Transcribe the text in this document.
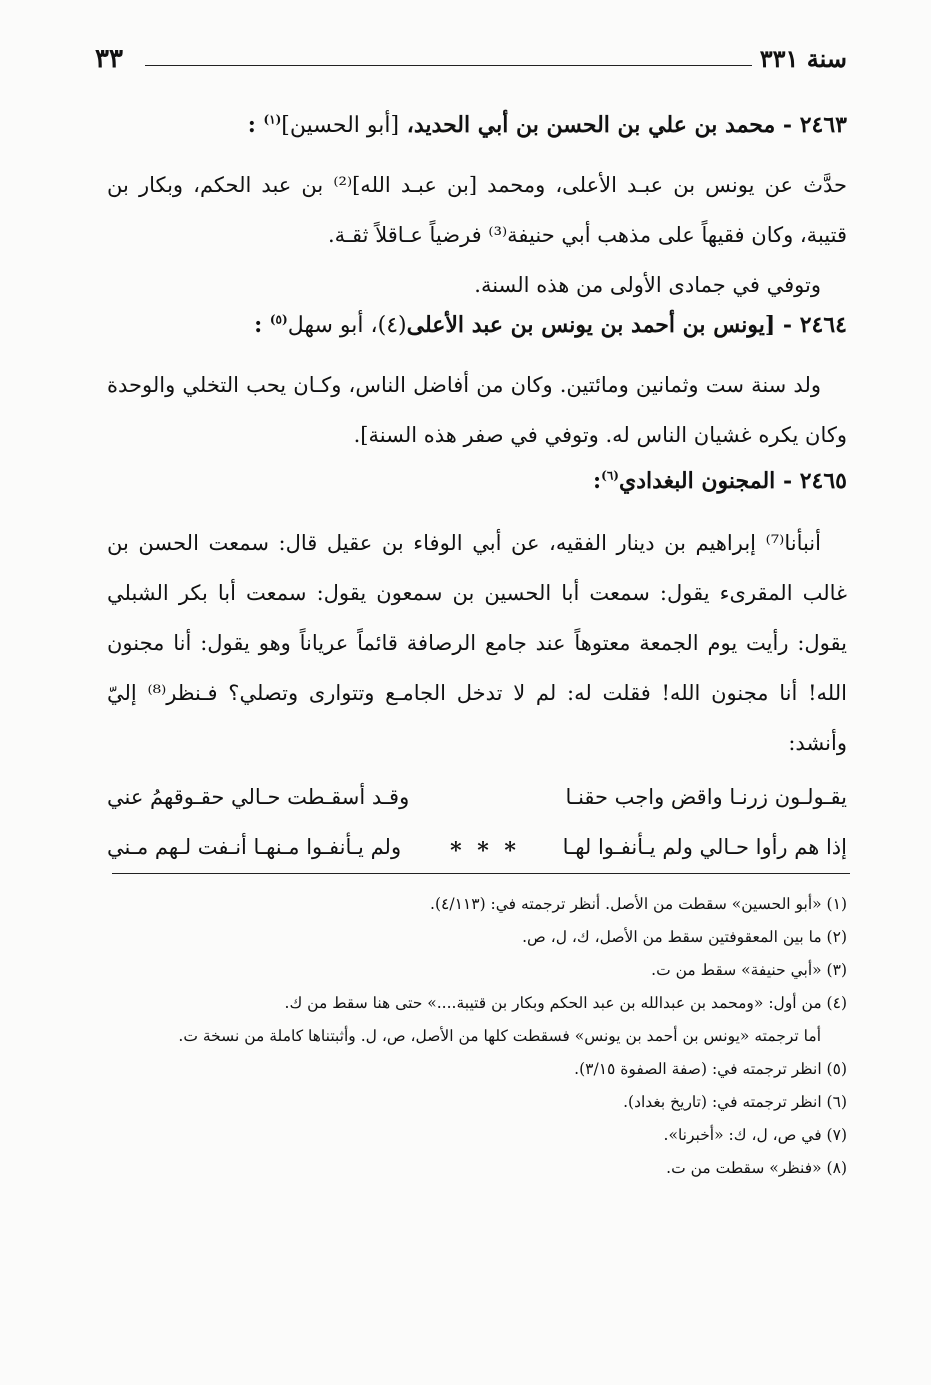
سنة ٣٣١
٣٣
٢٤٦٣ - محمد بن علي بن الحسن بن أبي الحديد، [أبو الحسين]$^{(١)}$ :

حدَّث عن يونس بن عبـد الأعلى، ومحمد [بن عبـد الله]⁽²⁾ بن عبد الحكم، وبكار بن قتيبة، وكان فقيهاً على مذهب أبي حنيفة⁽³⁾ فرضياً عـاقلاً ثقـة.

وتوفي في جمادى الأولى من هذه السنة.

٢٤٦٤ - [يونس بن أحمد بن يونس بن عبد الأعلى(٤)، أبو سهل$^{(٥)}$ :

ولد سنة ست وثمانين ومائتين. وكان من أفاضل الناس، وكـان يحب التخلي والوحدة وكان يكره غشيان الناس له. وتوفي في صفر هذه السنة].

٢٤٦٥ - المجنون البغدادي$^{(٦)}$:

أنبأنا⁽⁷⁾ إبراهيم بن دينار الفقيه، عن أبي الوفاء بن عقيل قال: سمعت الحسن بن غالب المقرىء يقول: سمعت أبا الحسين بن سمعون يقول: سمعت أبا بكر الشبلي يقول: رأيت يوم الجمعة معتوهاً عند جامع الرصافة قائماً عرياناً وهو يقول: أنا مجنون الله! أنا مجنون الله! فقلت له: لم لا تدخل الجامـع وتتوارى وتصلي؟ فـنظر⁽⁸⁾ إليّ وأنشد:

يقـولـون زرنـا واقض واجب حقنـا
وقـد أسقـطت حـالي حقـوقهمُ عني
إذا هم رأوا حـالي ولم يـأنفـوا لهـا
ولم يـأنفـوا مـنهـا أنـفت لـهم مـني	* * *

(١) «أبو الحسين» سقطت من الأصل. أنظر ترجمته في: (٤/١١٣).

(٢) ما بين المعقوفتين سقط من الأصل، ك، ل، ص.

(٣) «أبي حنيفة» سقط من ت.

(٤) من أول: «ومحمد بن عبدالله بن عبد الحكم وبكار بن قتيبة....» حتى هنا سقط من ك.

أما ترجمته «يونس بن أحمد بن يونس» فسقطت كلها من الأصل، ص، ل. وأثبتناها كاملة من نسخة ت.

(٥) انظر ترجمته في: (صفة الصفوة ٣/١٥).

(٦) انظر ترجمته في: (تاريخ بغداد).

(٧) في ص، ل، ك: «أخبرنا».

(٨) «فنظر» سقطت من ت.
